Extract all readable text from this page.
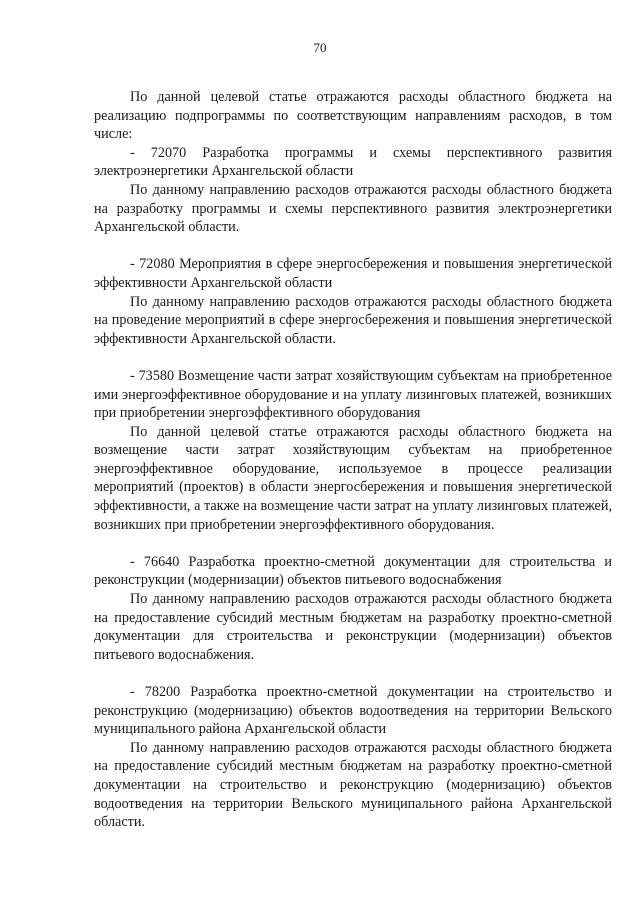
70

По данной целевой статье отражаются расходы областного бюджета на реализацию подпрограммы по соответствующим направлениям расходов, в том числе:

- 72070 Разработка программы и схемы перспективного развития электроэнергетики Архангельской области

По данному направлению расходов отражаются расходы областного бюджета на разработку программы и схемы перспективного развития электроэнергетики Архангельской области.

- 72080 Мероприятия в сфере энергосбережения и повышения энергетической эффективности Архангельской области

По данному направлению расходов отражаются расходы областного бюджета на проведение мероприятий в сфере энергосбережения и повышения энергетической эффективности Архангельской области.

- 73580 Возмещение части затрат хозяйствующим субъектам на приобретенное ими энергоэффективное оборудование и на уплату лизинговых платежей, возникших при приобретении энергоэффективного оборудования

По данной целевой статье отражаются расходы областного бюджета на возмещение части затрат хозяйствующим субъектам на приобретенное энергоэффективное оборудование, используемое в процессе реализации мероприятий (проектов) в области энергосбережения и повышения энергетической эффективности, а также на возмещение части затрат на уплату лизинговых платежей, возникших при приобретении энергоэффективного оборудования.

- 76640 Разработка проектно-сметной документации для строительства и реконструкции (модернизации) объектов питьевого водоснабжения

По данному направлению расходов отражаются расходы областного бюджета на предоставление субсидий местным бюджетам на разработку проектно-сметной документации для строительства и реконструкции (модернизации) объектов питьевого водоснабжения.

- 78200 Разработка проектно-сметной документации на строительство и реконструкцию (модернизацию) объектов водоотведения на территории Вельского муниципального района Архангельской области

По данному направлению расходов отражаются расходы областного бюджета на предоставление субсидий местным бюджетам на разработку проектно-сметной документации на строительство и реконструкцию (модернизацию) объектов водоотведения на территории Вельского муниципального района Архангельской области.
